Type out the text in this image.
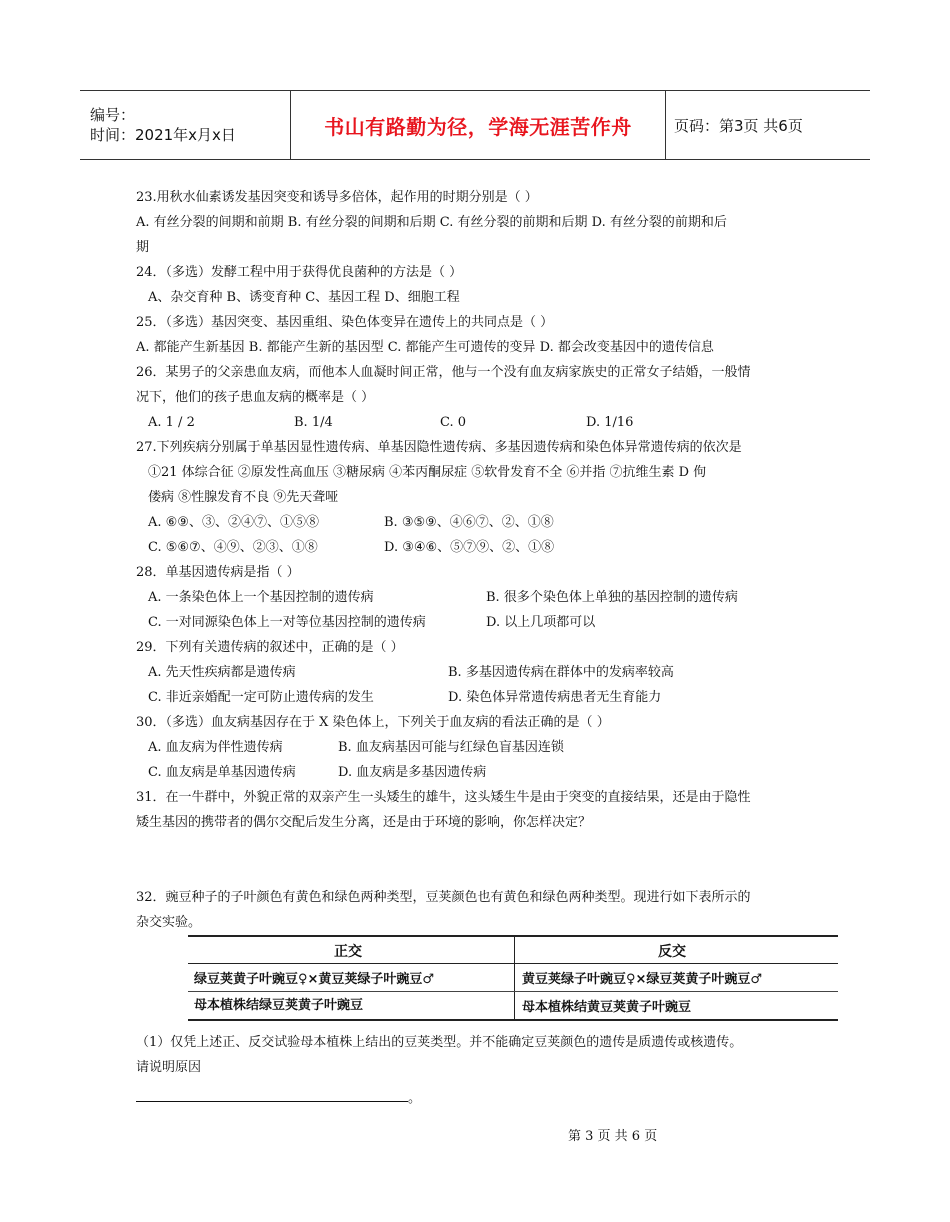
编号：
时间：2021年x月x日	书山有路勤为径，学海无涯苦作舟	页码：第3页 共6页
23.用秋水仙素诱发基因突变和诱导多倍体，起作用的时期分别是（ ）
A. 有丝分裂的间期和前期 B. 有丝分裂的间期和后期 C. 有丝分裂的前期和后期 D. 有丝分裂的前期和后
期
24．（多选）发酵工程中用于获得优良菌种的方法是（ ）
A、杂交育种 B、诱变育种 C、基因工程 D、细胞工程
25．（多选）基因突变、基因重组、染色体变异在遗传上的共同点是（ ）
A. 都能产生新基因 B. 都能产生新的基因型 C. 都能产生可遗传的变异 D. 都会改变基因中的遗传信息
26．某男子的父亲患血友病，而他本人血凝时间正常，他与一个没有血友病家族史的正常女子结婚，一般情
况下，他们的孩子患血友病的概率是（ ）
A. 1 / 2	B. 1/4	C. 0	D. 1/16
27.下列疾病分别属于单基因显性遗传病、单基因隐性遗传病、多基因遗传病和染色体异常遗传病的依次是
①21 体综合征 ②原发性高血压 ③糖尿病 ④苯丙酮尿症 ⑤软骨发育不全 ⑥并指 ⑦抗维生素 D 佝
偻病 ⑧性腺发育不良 ⑨先天聋哑
A. ⑥⑨、③、②④⑦、①⑤⑧	B. ③⑤⑨、④⑥⑦、②、①⑧
C. ⑤⑥⑦、④⑨、②③、①⑧	D. ③④⑥、⑤⑦⑨、②、①⑧
28．单基因遗传病是指（ ）
A. 一条染色体上一个基因控制的遗传病	B. 很多个染色体上单独的基因控制的遗传病
C. 一对同源染色体上一对等位基因控制的遗传病	D. 以上几项都可以
29．下列有关遗传病的叙述中，正确的是（ ）
A. 先天性疾病都是遗传病	B. 多基因遗传病在群体中的发病率较高
C. 非近亲婚配一定可防止遗传病的发生	D. 染色体异常遗传病患者无生育能力
30．（多选）血友病基因存在于 X 染色体上，下列关于血友病的看法正确的是（ ）
A. 血友病为伴性遗传病	B. 血友病基因可能与红绿色盲基因连锁
C. 血友病是单基因遗传病	D. 血友病是多基因遗传病
31．在一牛群中，外貌正常的双亲产生一头矮生的雄牛，这头矮生牛是由于突变的直接结果，还是由于隐性
矮生基因的携带者的偶尔交配后发生分离，还是由于环境的影响，你怎样决定？
32．豌豆种子的子叶颜色有黄色和绿色两种类型，豆荚颜色也有黄色和绿色两种类型。现进行如下表所示的
杂交实验。
正交	反交
绿豆荚黄子叶豌豆♀×黄豆荚绿子叶豌豆♂	黄豆荚绿子叶豌豆♀×绿豆荚黄子叶豌豆♂
母本植株结绿豆荚黄子叶豌豆	母本植株结黄豆荚黄子叶豌豆
（1）仅凭上述正、反交试验母本植株上结出的豆荚类型。并不能确定豆荚颜色的遗传是质遗传或核遗传。
请说明原因
。
第 3 页 共 6 页
